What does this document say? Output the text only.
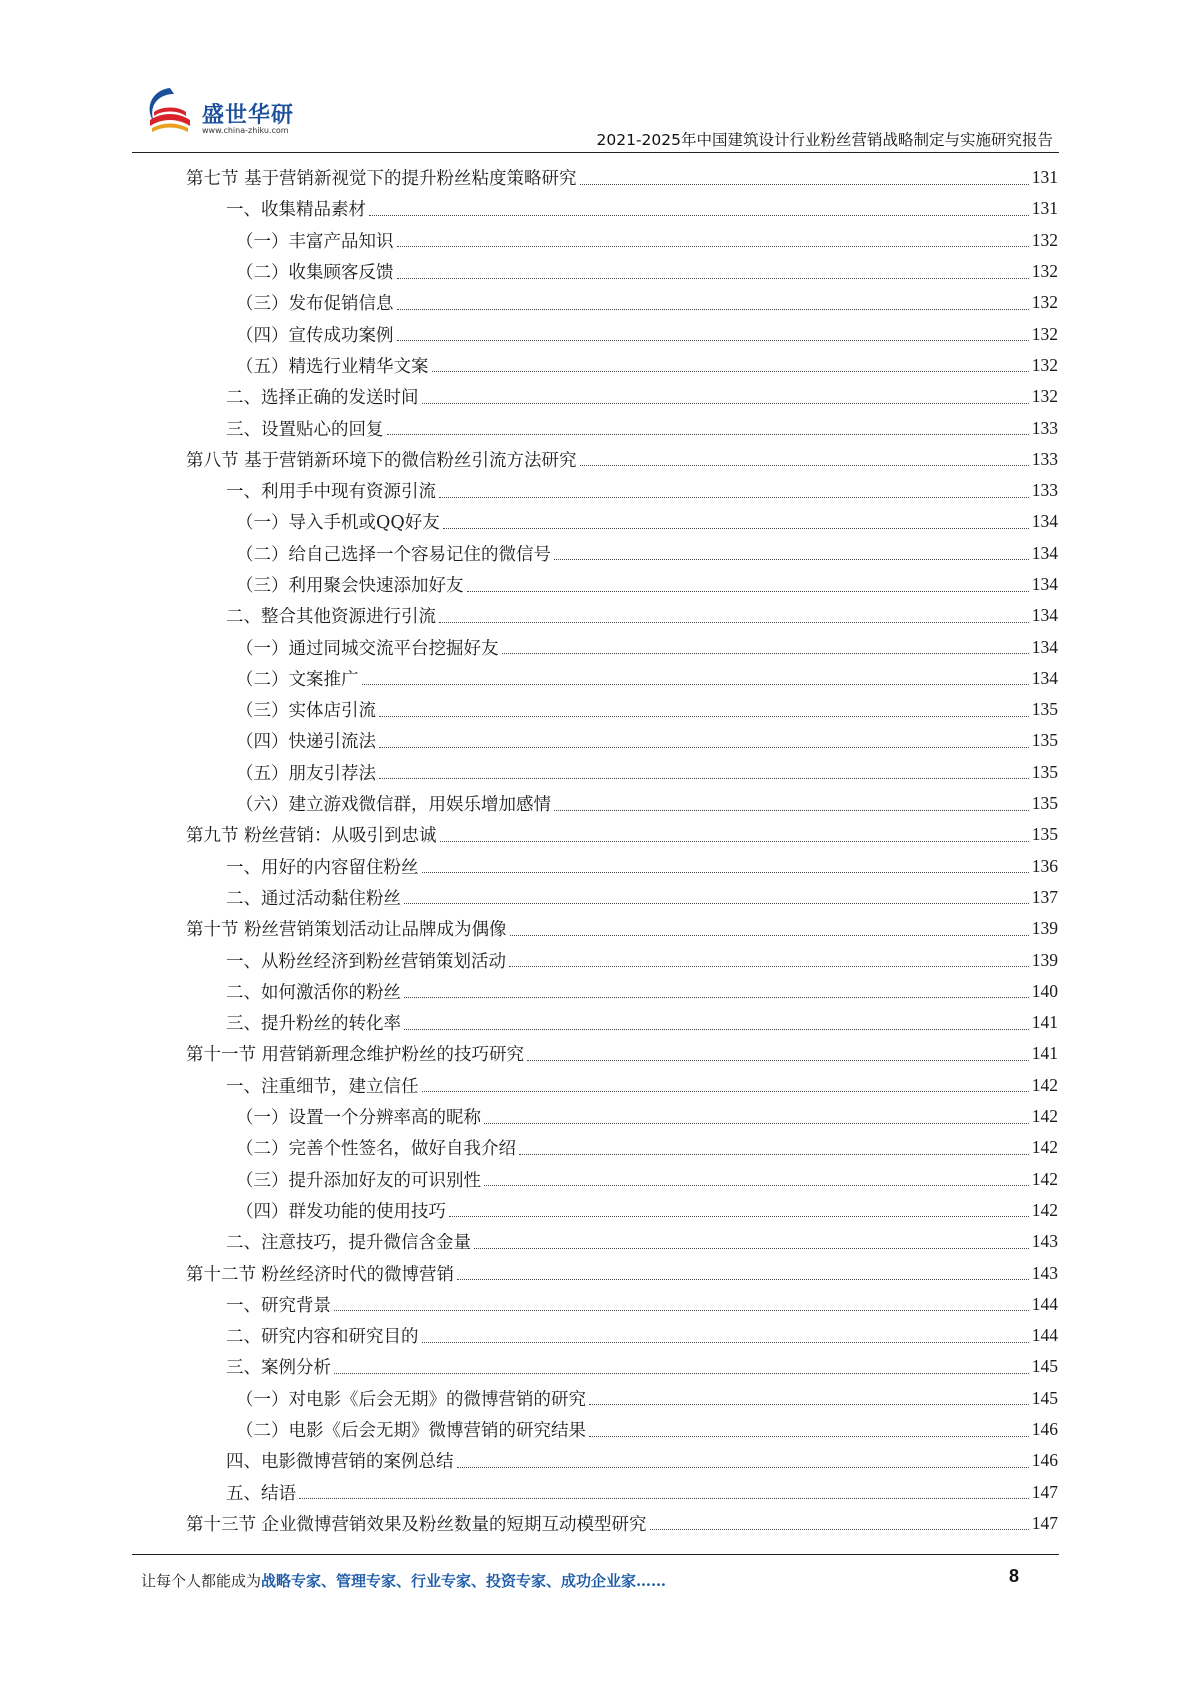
盛世华研
www.china-zhiku.com
2021-2025年中国建筑设计行业粉丝营销战略制定与实施研究报告
第七节 基于营销新视觉下的提升粉丝粘度策略研究	131
一、收集精品素材	131
（一）丰富产品知识	132
（二）收集顾客反馈	132
（三）发布促销信息	132
（四）宣传成功案例	132
（五）精选行业精华文案	132
二、选择正确的发送时间	132
三、设置贴心的回复	133
第八节 基于营销新环境下的微信粉丝引流方法研究	133
一、利用手中现有资源引流	133
（一）导入手机或QQ好友	134
（二）给自己选择一个容易记住的微信号	134
（三）利用聚会快速添加好友	134
二、整合其他资源进行引流	134
（一）通过同城交流平台挖掘好友	134
（二）文案推广	134
（三）实体店引流	135
（四）快递引流法	135
（五）朋友引荐法	135
（六）建立游戏微信群，用娱乐增加感情	135
第九节 粉丝营销：从吸引到忠诚	135
一、用好的内容留住粉丝	136
二、通过活动黏住粉丝	137
第十节 粉丝营销策划活动让品牌成为偶像	139
一、从粉丝经济到粉丝营销策划活动	139
二、如何激活你的粉丝	140
三、提升粉丝的转化率	141
第十一节 用营销新理念维护粉丝的技巧研究	141
一、注重细节，建立信任	142
（一）设置一个分辨率高的昵称	142
（二）完善个性签名，做好自我介绍	142
（三）提升添加好友的可识别性	142
（四）群发功能的使用技巧	142
二、注意技巧，提升微信含金量	143
第十二节 粉丝经济时代的微博营销	143
一、研究背景	144
二、研究内容和研究目的	144
三、案例分析	145
（一）对电影《后会无期》的微博营销的研究	145
（二）电影《后会无期》微博营销的研究结果	146
四、电影微博营销的案例总结	146
五、结语	147
第十三节 企业微博营销效果及粉丝数量的短期互动模型研究	147
让每个人都能成为战略专家、管理专家、行业专家、投资专家、成功企业家……	8
